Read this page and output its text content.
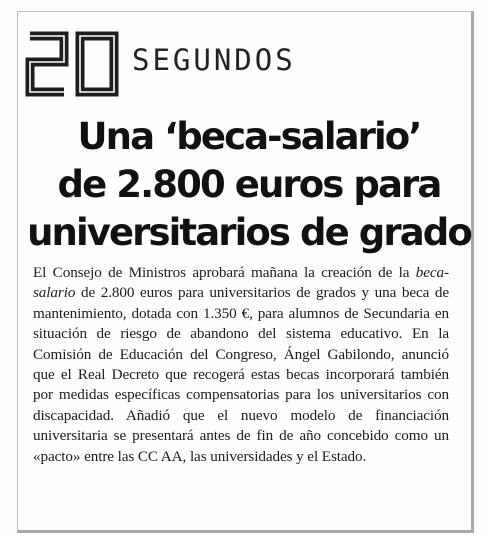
SEGUNDOS
Una ‘beca-salario’
de 2.800 euros para
universitarios de grado

El Consejo de Ministros aprobará mañana la creación de la beca-salario de 2.800 euros para universitarios de grados y una beca de mantenimiento, dotada con 1.350 €, para alumnos de Secundaria en situación de riesgo de abandono del sistema educativo. En la Comisión de Educación del Congreso, Ángel Gabilondo, anunció que el Real Decreto que recogerá estas becas incorporará también por medidas específicas compensatorias para los universitarios con discapacidad. Añadió que el nuevo modelo de financiación universitaria se presentará antes de fin de año concebido como un «pacto» entre las CC AA, las universidades y el Estado.
